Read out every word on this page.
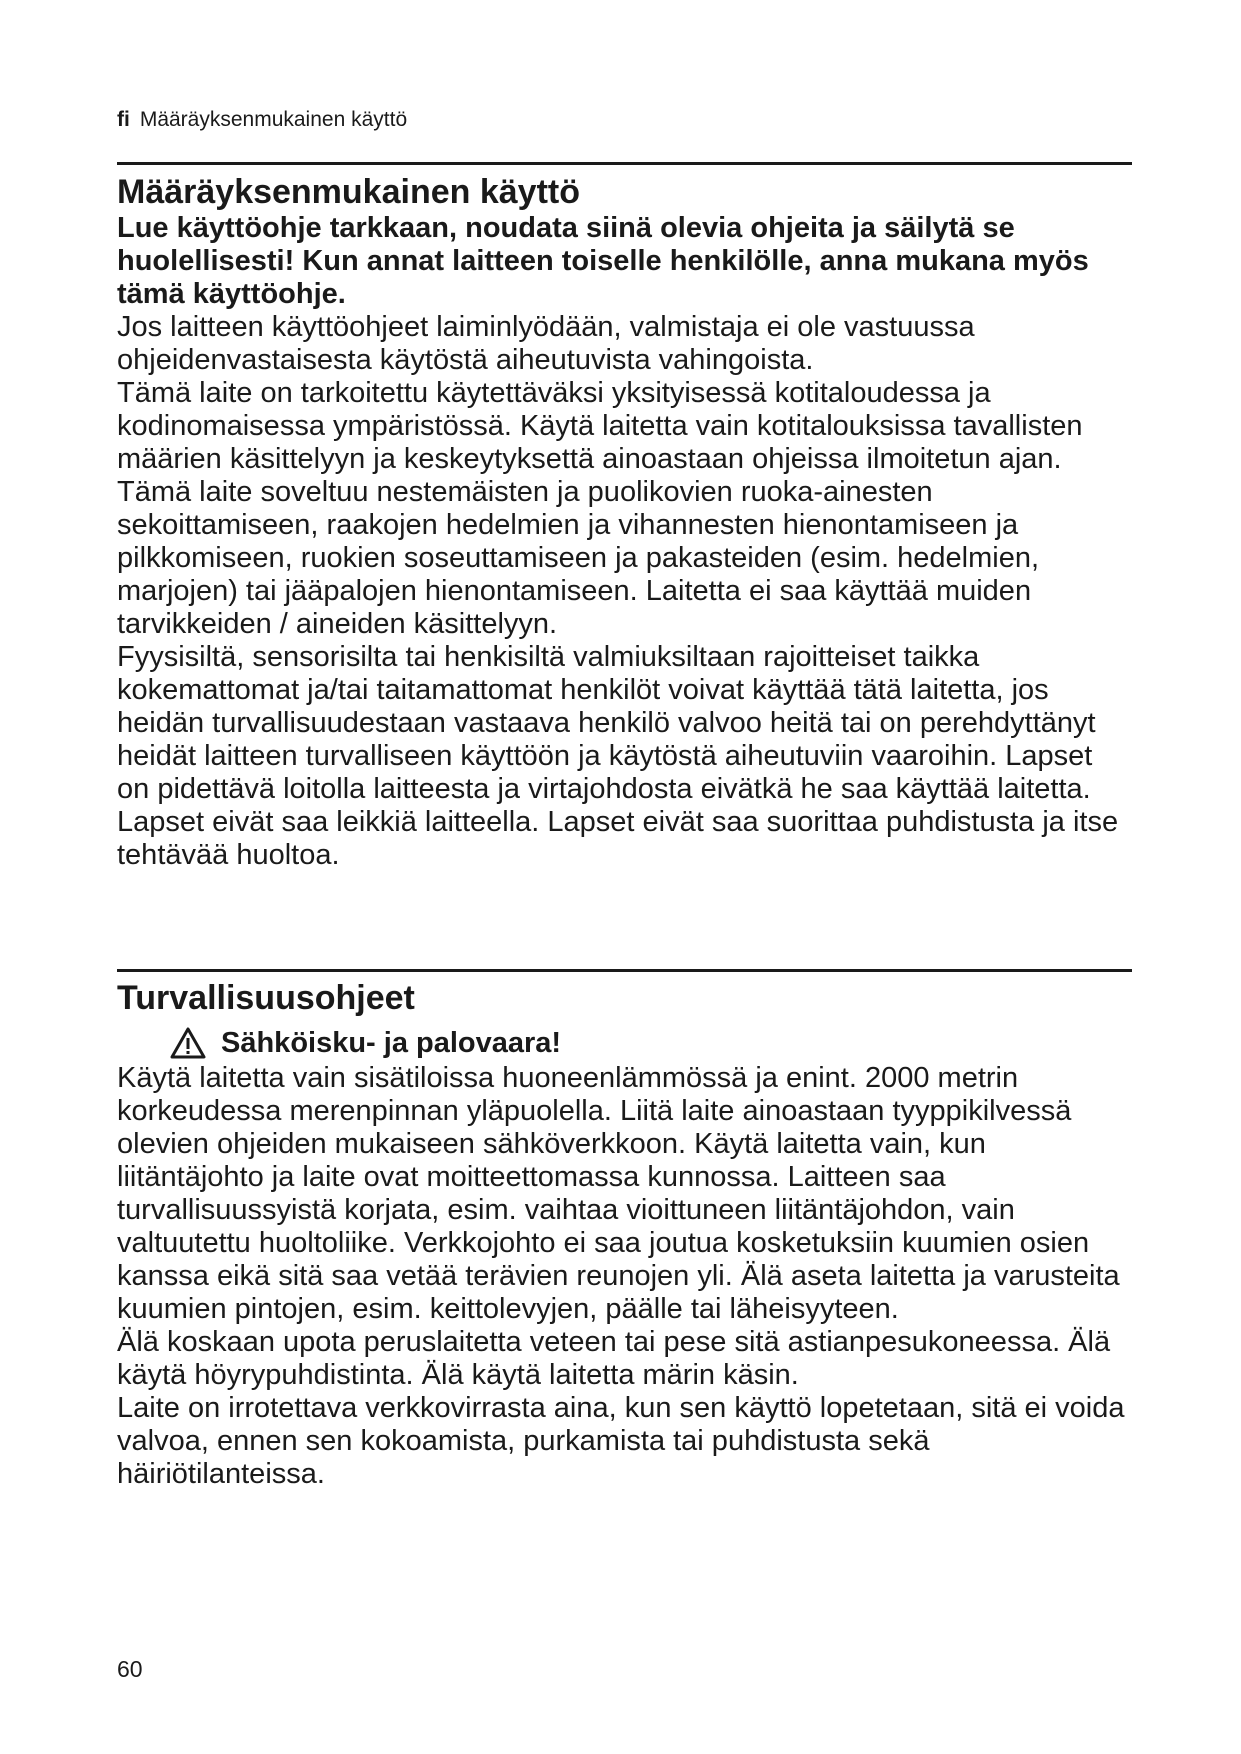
fi Määräyksenmukainen käyttö
Määräyksenmukainen käyttö
Lue käyttöohje tarkkaan, noudata siinä olevia ohjeita ja säilytä se huolellisesti! Kun annat laitteen toiselle henkilölle, anna mukana myös tämä käyttöohje.

Jos laitteen käyttöohjeet laiminlyödään, valmistaja ei ole vastuussa ohjeidenvastaisesta käytöstä aiheutuvista vahingoista.

Tämä laite on tarkoitettu käytettäväksi yksityisessä kotitaloudessa ja kodinomaisessa ympäristössä. Käytä laitetta vain kotitalouksissa tavallisten määrien käsittelyyn ja keskeytyksettä ainoastaan ohjeissa ilmoitetun ajan.

Tämä laite soveltuu nestemäisten ja puolikovien ruoka-ainesten sekoittamiseen, raakojen hedelmien ja vihannesten hienontamiseen ja pilkkomiseen, ruokien soseuttamiseen ja pakasteiden (esim. hedelmien, marjojen) tai jääpalojen hienontamiseen. Laitetta ei saa käyttää muiden tarvikkeiden / aineiden käsittelyyn.

Fyysisiltä, sensorisilta tai henkisiltä valmiuksiltaan rajoitteiset taikka kokemattomat ja/tai taitamattomat henkilöt voivat käyttää tätä laitetta, jos heidän turvallisuudestaan vastaava henkilö valvoo heitä tai on perehdyttänyt heidät laitteen turvalliseen käyttöön ja käytöstä aiheutuviin vaaroihin. Lapset on pidettävä loitolla laitteesta ja virtajohdosta eivätkä he saa käyttää laitetta. Lapset eivät saa leikkiä laitteella. Lapset eivät saa suorittaa puhdistusta ja itse tehtävää huoltoa.

Turvallisuusohjeet
Sähköisku- ja palovaara!

Käytä laitetta vain sisätiloissa huoneenlämmössä ja enint. 2000 metrin korkeudessa merenpinnan yläpuolella. Liitä laite ainoastaan tyyppikilvessä olevien ohjeiden mukaiseen sähköverkkoon. Käytä laitetta vain, kun liitäntäjohto ja laite ovat moitteettomassa kunnossa. Laitteen saa turvallisuussyistä korjata, esim. vaihtaa vioittuneen liitäntäjohdon, vain valtuutettu huoltoliike. Verkkojohto ei saa joutua kosketuksiin kuumien osien kanssa eikä sitä saa vetää terävien reunojen yli. Älä aseta laitetta ja varusteita kuumien pintojen, esim. keittolevyjen, päälle tai läheisyyteen.

Älä koskaan upota peruslaitetta veteen tai pese sitä astianpesukoneessa. Älä käytä höyrypuhdistinta. Älä käytä laitetta märin käsin.

Laite on irrotettava verkkovirrasta aina, kun sen käyttö lopetetaan, sitä ei voida valvoa, ennen sen kokoamista, purkamista tai puhdistusta sekä häiriötilanteissa.

60
